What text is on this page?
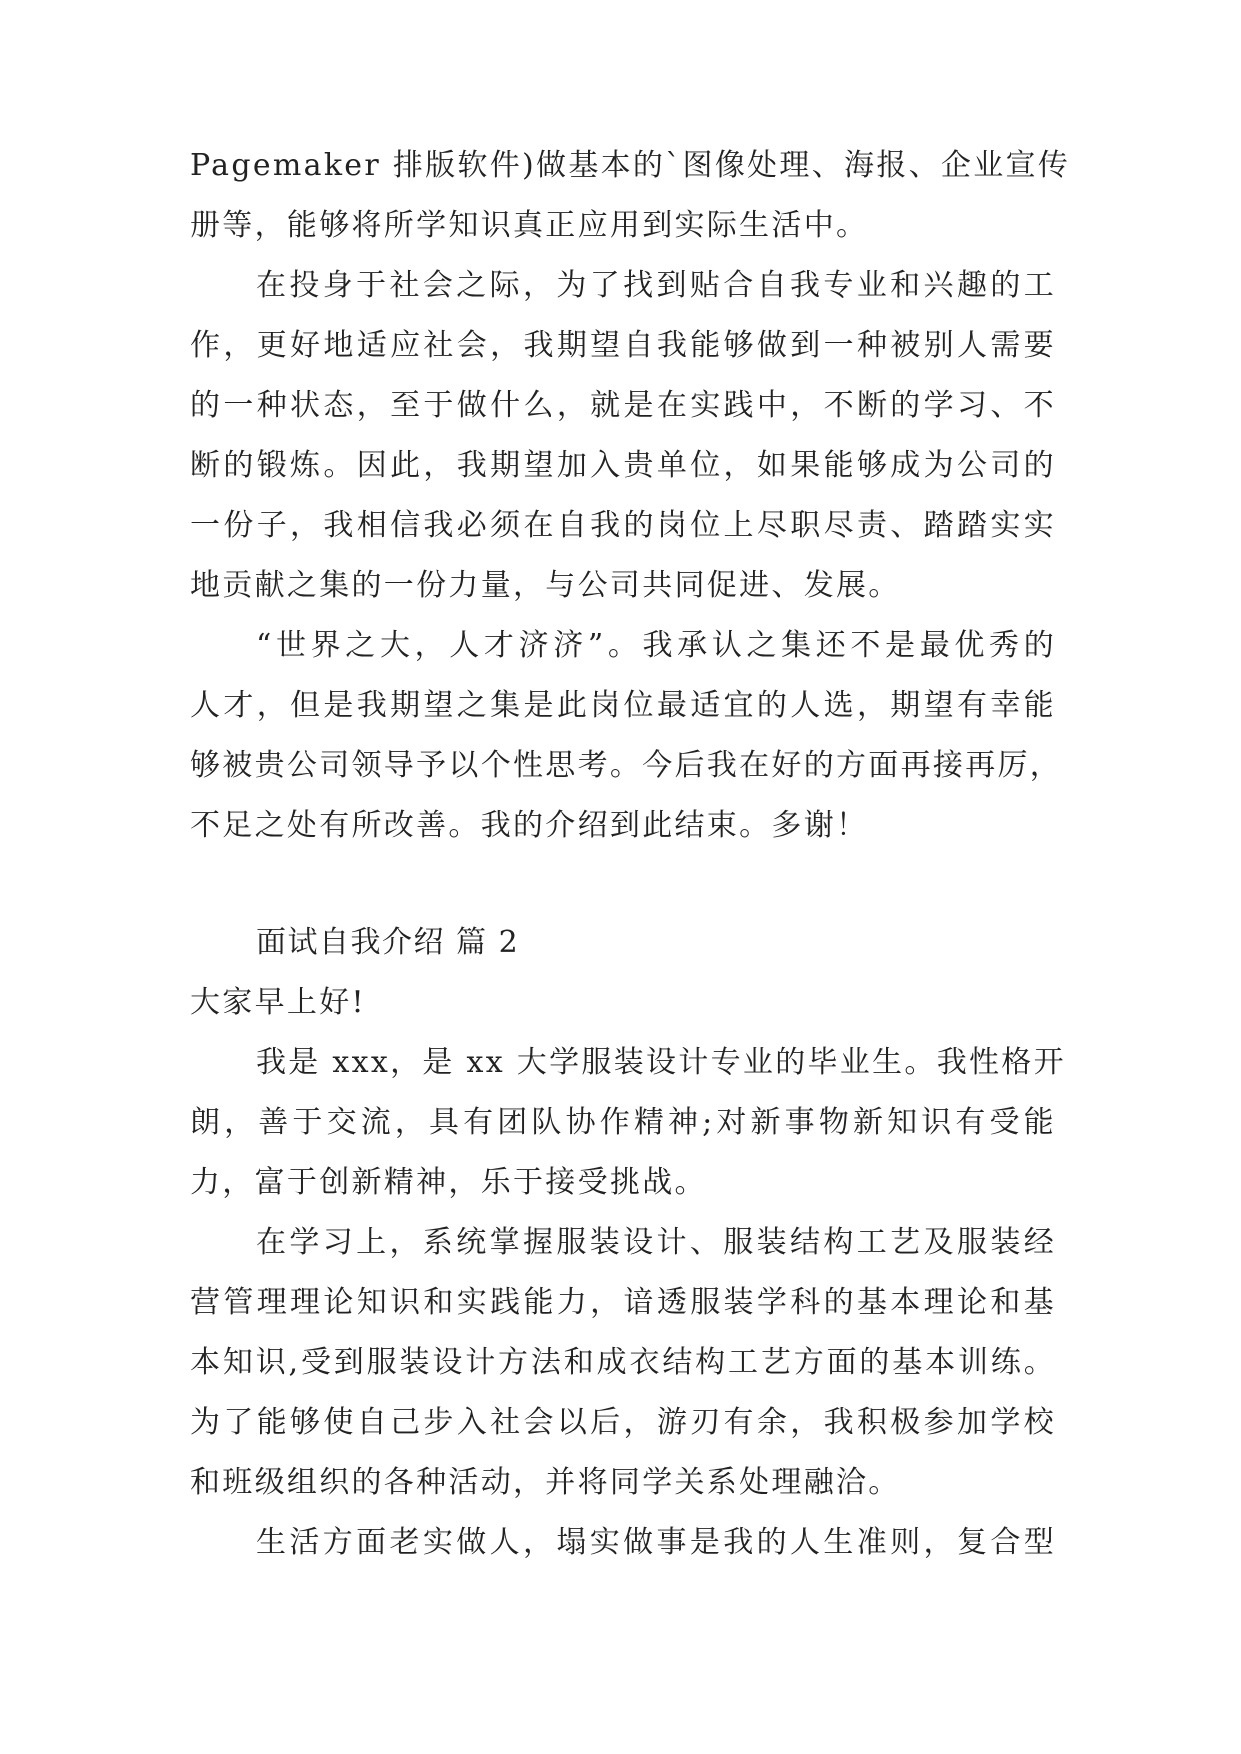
Pagemaker 排版软件)做基本的`图像处理、海报、企业宣传
册等，能够将所学知识真正应用到实际生活中。
在投身于社会之际，为了找到贴合自我专业和兴趣的工
作，更好地适应社会，我期望自我能够做到一种被别人需要
的一种状态，至于做什么，就是在实践中，不断的学习、不
断的锻炼。因此，我期望加入贵单位，如果能够成为公司的
一份子，我相信我必须在自我的岗位上尽职尽责、踏踏实实
地贡献之集的一份力量，与公司共同促进、发展。
“世界之大，人才济济”。我承认之集还不是最优秀的
人才，但是我期望之集是此岗位最适宜的人选，期望有幸能
够被贵公司领导予以个性思考。今后我在好的方面再接再厉，
不足之处有所改善。我的介绍到此结束。多谢！
面试自我介绍 篇 2
大家早上好!
我是 xxx，是 xx 大学服装设计专业的毕业生。我性格开
朗，善于交流，具有团队协作精神;对新事物新知识有受能
力，富于创新精神，乐于接受挑战。
在学习上，系统掌握服装设计、服装结构工艺及服装经
营管理理论知识和实践能力，谙透服装学科的基本理论和基
本知识,受到服装设计方法和成衣结构工艺方面的基本训练。
为了能够使自己步入社会以后，游刃有余，我积极参加学校
和班级组织的各种活动，并将同学关系处理融洽。
生活方面老实做人，塌实做事是我的人生准则，复合型
